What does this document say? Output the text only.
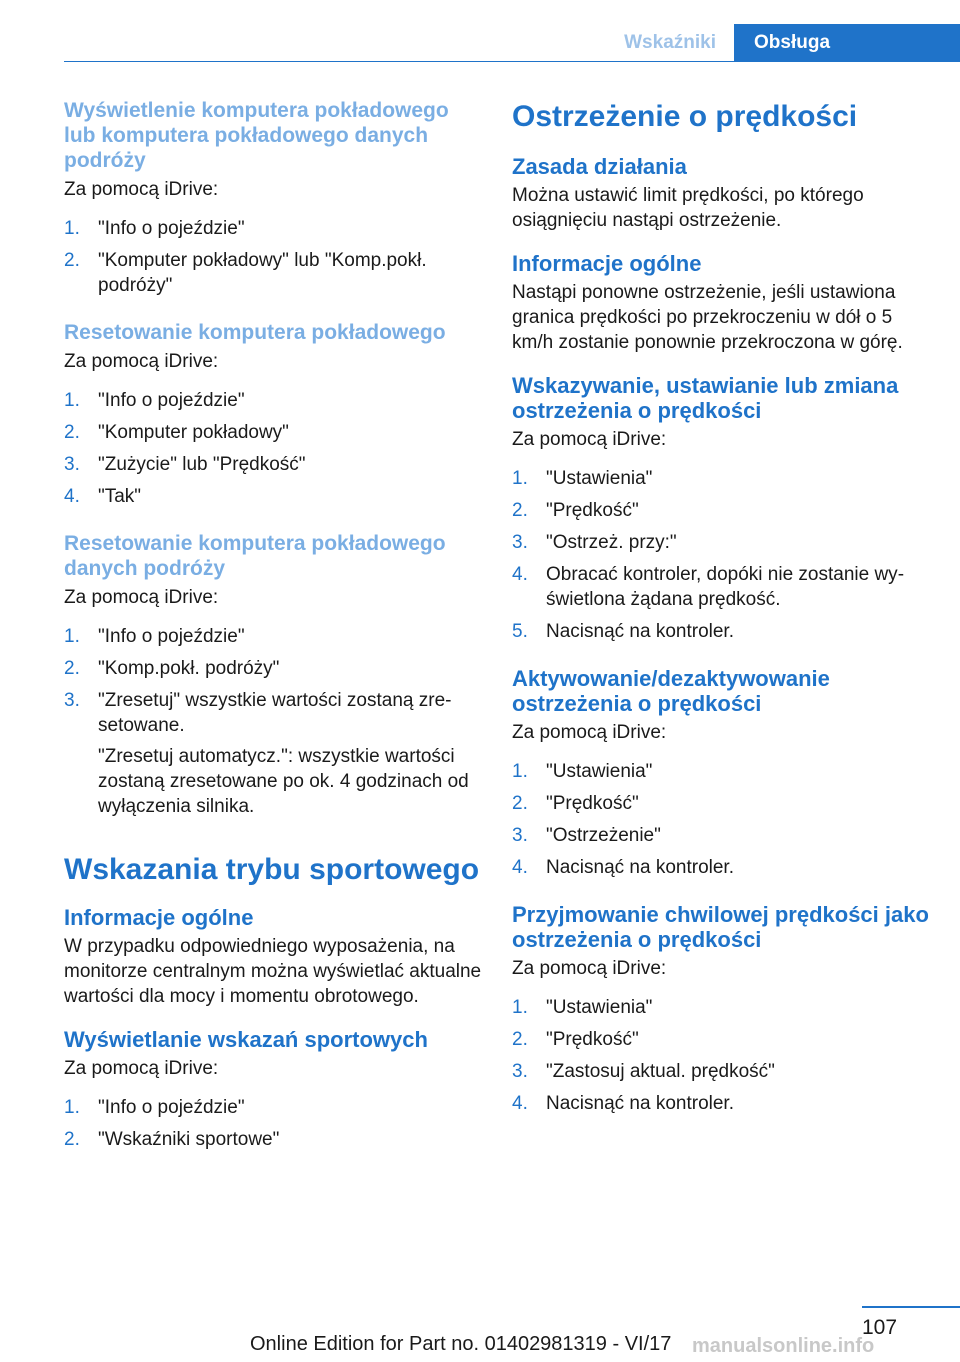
Wskaźniki	Obsługa
Wyświetlenie komputera pokładowego lub komputera pokładowego danych podróży
Za pomocą iDrive:
1. "Info o pojeździe"
2. "Komputer pokładowy" lub "Komp.pokł. podróży"
Resetowanie komputera pokładowego
Za pomocą iDrive:
1. "Info o pojeździe"
2. "Komputer pokładowy"
3. "Zużycie" lub "Prędkość"
4. "Tak"
Resetowanie komputera pokładowego danych podróży
Za pomocą iDrive:
1. "Info o pojeździe"
2. "Komp.pokł. podróży"
3. "Zresetuj" wszystkie wartości zostaną zresetowane.
"Zresetuj automatycz.": wszystkie wartości zostaną zresetowane po ok. 4 godzinach od wyłączenia silnika.
Wskazania trybu sportowego
Informacje ogólne
W przypadku odpowiedniego wyposażenia, na monitorze centralnym można wyświetlać aktualne wartości dla mocy i momentu obrotowego.
Wyświetlanie wskazań sportowych
Za pomocą iDrive:
1. "Info o pojeździe"
2. "Wskaźniki sportowe"
Ostrzeżenie o prędkości
Zasada działania
Można ustawić limit prędkości, po którego osiągnięciu nastąpi ostrzeżenie.
Informacje ogólne
Nastąpi ponowne ostrzeżenie, jeśli ustawiona granica prędkości po przekroczeniu w dół o 5 km/h zostanie ponownie przekroczona w górę.
Wskazywanie, ustawianie lub zmiana ostrzeżenia o prędkości
Za pomocą iDrive:
1. "Ustawienia"
2. "Prędkość"
3. "Ostrzeż. przy:"
4. Obracać kontroler, dopóki nie zostanie wyświetlona żądana prędkość.
5. Nacisnąć na kontroler.
Aktywowanie/dezaktywowanie ostrzeżenia o prędkości
Za pomocą iDrive:
1. "Ustawienia"
2. "Prędkość"
3. "Ostrzeżenie"
4. Nacisnąć na kontroler.
Przyjmowanie chwilowej prędkości jako ostrzeżenia o prędkości
Za pomocą iDrive:
1. "Ustawienia"
2. "Prędkość"
3. "Zastosuj aktual. prędkość"
4. Nacisnąć na kontroler.
107
Online Edition for Part no. 01402981319 - VI/17 manualsonline.info
